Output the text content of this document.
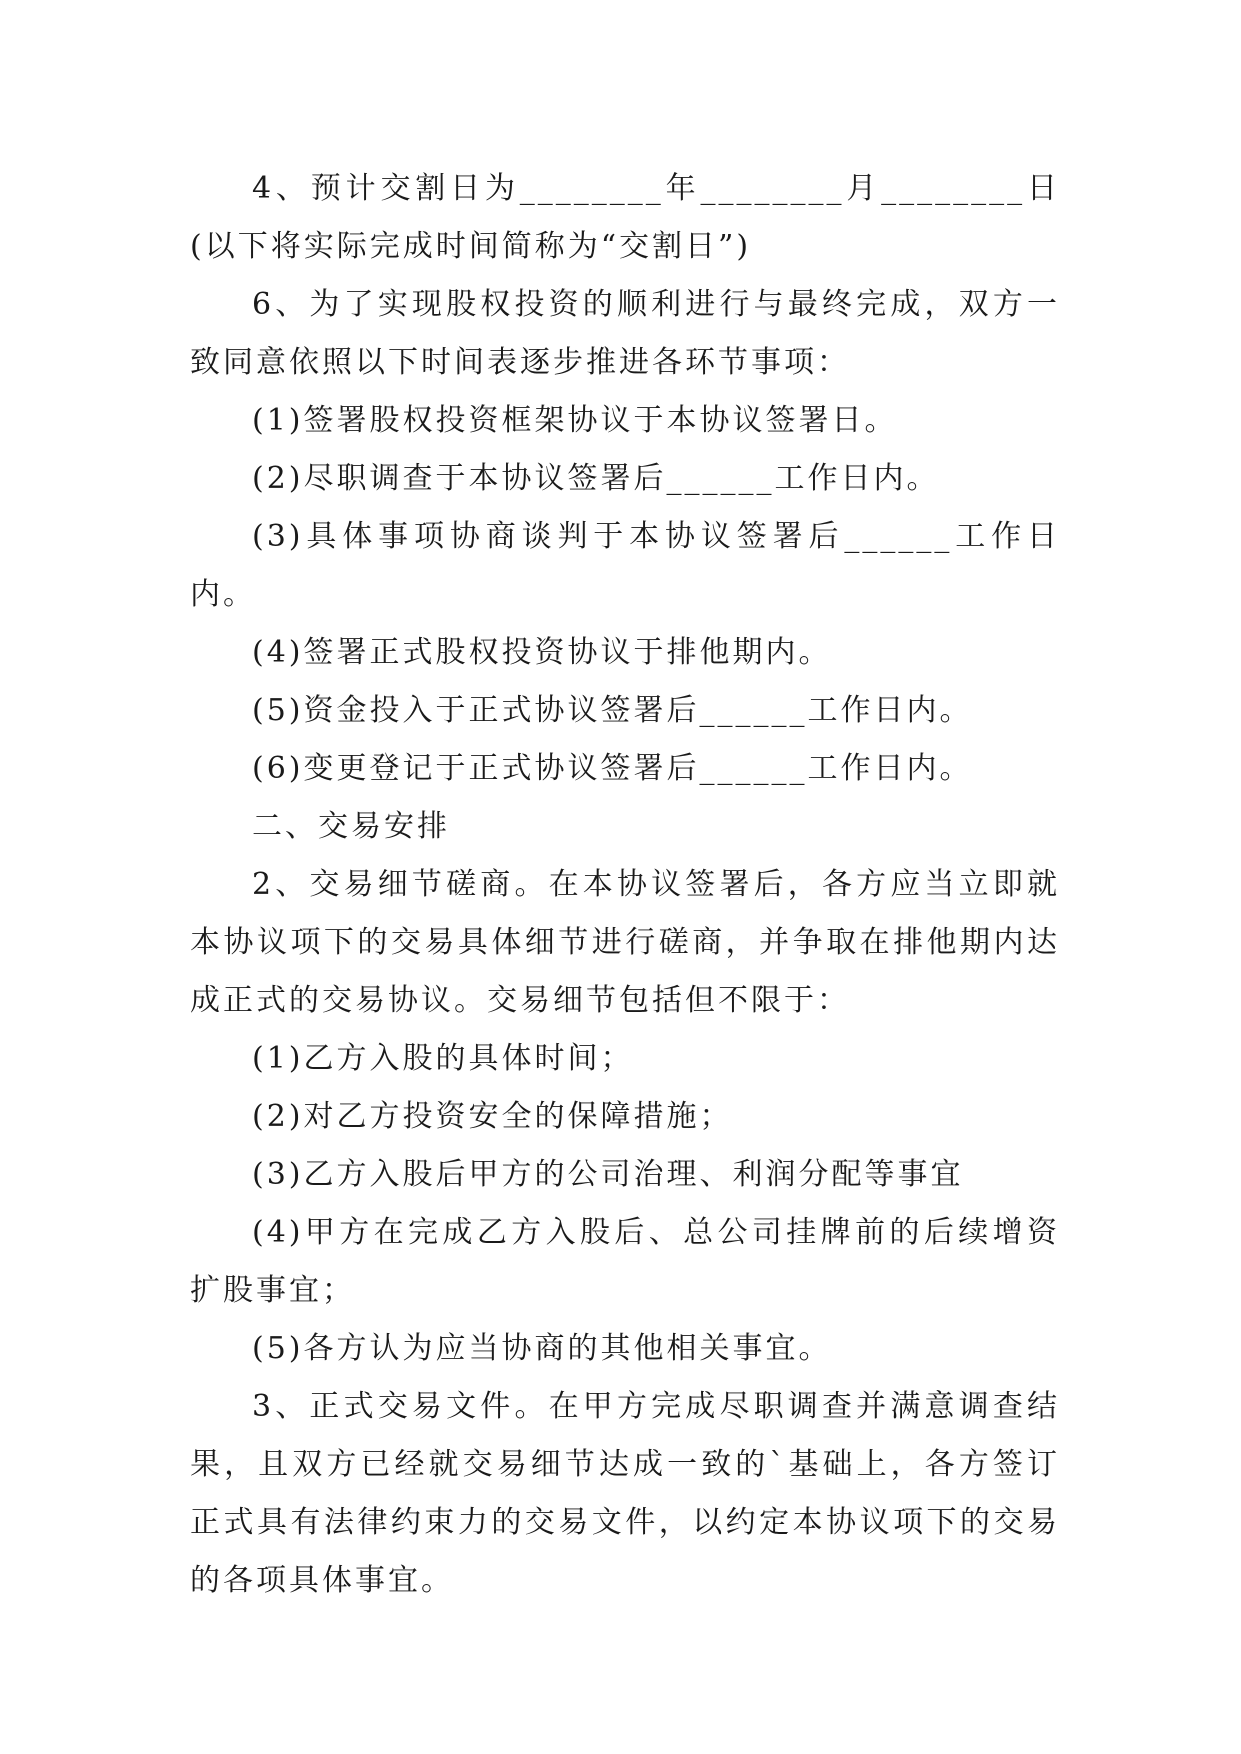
4、预计交割日为________年________月________日(以下将实际完成时间简称为“交割日”)

6、为了实现股权投资的顺利进行与最终完成，双方一致同意依照以下时间表逐步推进各环节事项：

(1)签署股权投资框架协议于本协议签署日。

(2)尽职调查于本协议签署后______工作日内。

(3)具体事项协商谈判于本协议签署后______工作日内。

(4)签署正式股权投资协议于排他期内。

(5)资金投入于正式协议签署后______工作日内。

(6)变更登记于正式协议签署后______工作日内。

二、交易安排

2、交易细节磋商。在本协议签署后，各方应当立即就本协议项下的交易具体细节进行磋商，并争取在排他期内达成正式的交易协议。交易细节包括但不限于：

(1)乙方入股的具体时间；

(2)对乙方投资安全的保障措施；

(3)乙方入股后甲方的公司治理、利润分配等事宜

(4)甲方在完成乙方入股后、总公司挂牌前的后续增资扩股事宜；

(5)各方认为应当协商的其他相关事宜。

3、正式交易文件。在甲方完成尽职调查并满意调查结果，且双方已经就交易细节达成一致的`基础上，各方签订正式具有法律约束力的交易文件，以约定本协议项下的交易的各项具体事宜。
